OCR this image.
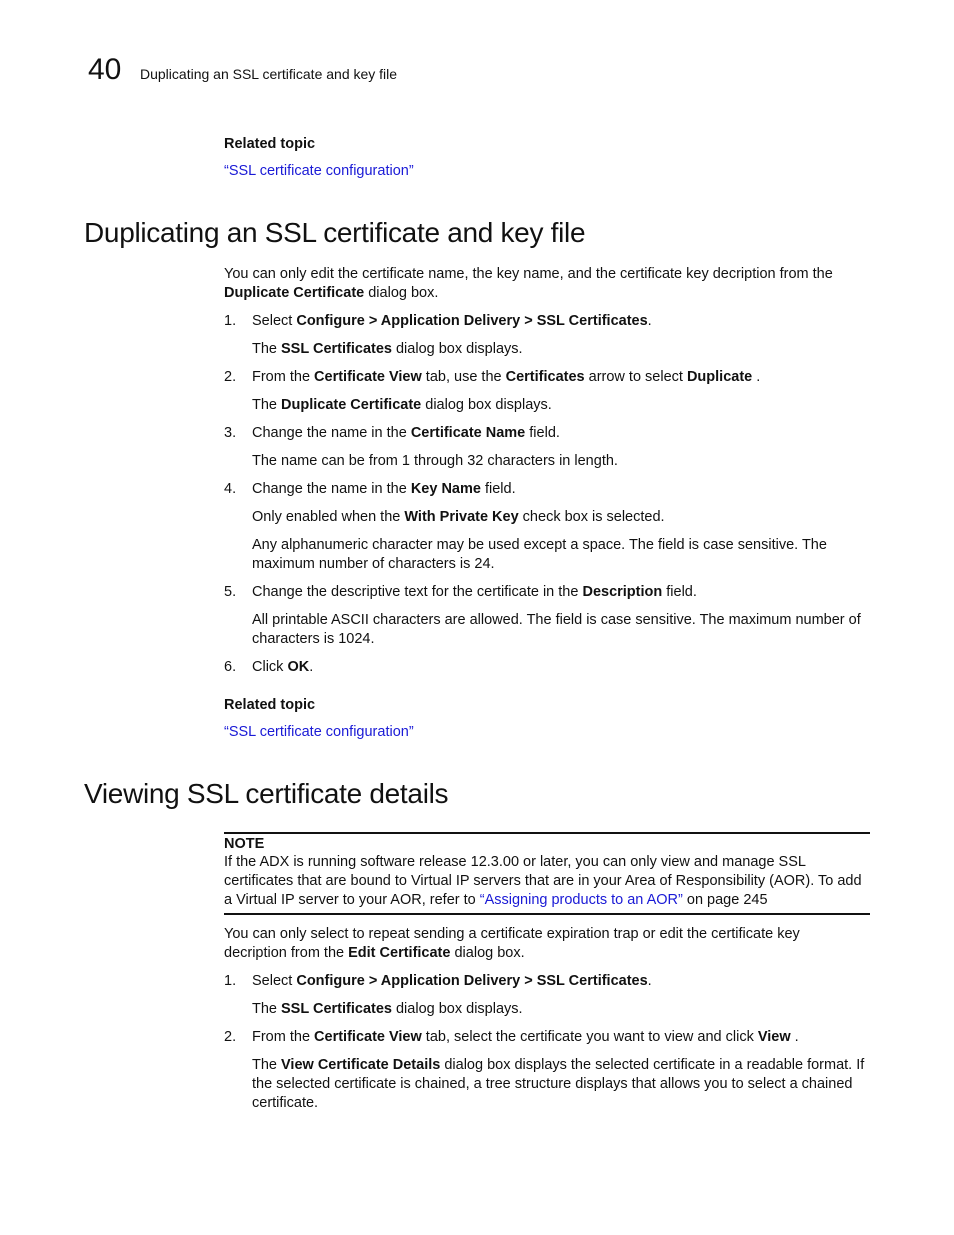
40 Duplicating an SSL certificate and key file
Related topic
“SSL certificate configuration”
Duplicating an SSL certificate and key file
You can only edit the certificate name, the key name, and the certificate key decription from the
Duplicate Certificate dialog box.
1. Select Configure > Application Delivery > SSL Certificates.
The SSL Certificates dialog box displays.
2. From the Certificate View tab, use the Certificates arrow to select Duplicate .
The Duplicate Certificate dialog box displays.
3. Change the name in the Certificate Name field.
The name can be from 1 through 32 characters in length.
4. Change the name in the Key Name field.
Only enabled when the With Private Key check box is selected.
Any alphanumeric character may be used except a space. The field is case sensitive. The
maximum number of characters is 24.
5. Change the descriptive text for the certificate in the Description field.
All printable ASCII characters are allowed. The field is case sensitive. The maximum number of
characters is 1024.
6. Click OK.
Related topic
“SSL certificate configuration”
Viewing SSL certificate details
NOTE
If the ADX is running software release 12.3.00 or later, you can only view and manage SSL
certificates that are bound to Virtual IP servers that are in your Area of Responsibility (AOR). To add
a Virtual IP server to your AOR, refer to “Assigning products to an AOR” on page 245
You can only select to repeat sending a certificate expiration trap or edit the certificate key
decription from the Edit Certificate dialog box.
1. Select Configure > Application Delivery > SSL Certificates.
The SSL Certificates dialog box displays.
2. From the Certificate View tab, select the certificate you want to view and click View .
The View Certificate Details dialog box displays the selected certificate in a readable format. If
the selected certificate is chained, a tree structure displays that allows you to select a chained
certificate.
